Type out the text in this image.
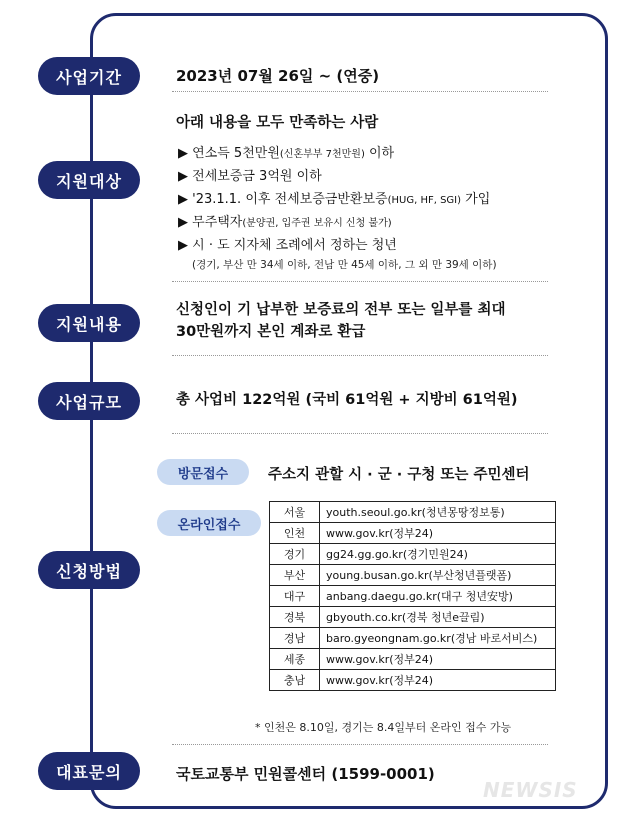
사업기간	2023년 07월 26일 ~ (연중)
지원대상
아래 내용을 모두 만족하는 사람
▶ 연소득 5천만원(신혼부부 7천만원) 이하
▶ 전세보증금 3억원 이하
▶ '23.1.1. 이후 전세보증금반환보증(HUG, HF, SGI) 가입
▶ 무주택자(분양권, 입주권 보유시 신청 불가)
▶ 시 · 도 지자체 조례에서 정하는 청년
(경기, 부산 만 34세 이하, 전남 만 45세 이하, 그 외 만 39세 이하)
지원내용
신청인이 기 납부한 보증료의 전부 또는 일부를 최대
30만원까지 본인 계좌로 환급
사업규모	총 사업비 122억원 (국비 61억원 + 지방비 61억원)
신청방법
방문접수	주소지 관할 시 · 군 · 구청 또는 주민센터
온라인접수
서울	youth.seoul.go.kr(청년몽땅정보통)
인천	www.gov.kr(정부24)
경기	gg24.gg.go.kr(경기민원24)
부산	young.busan.go.kr(부산청년플랫폼)
대구	anbang.daegu.go.kr(대구 청년安방)
경북	gbyouth.co.kr(경북 청년e끌림)
경남	baro.gyeongnam.go.kr(경남 바로서비스)
세종	www.gov.kr(정부24)
충남	www.gov.kr(정부24)
* 인천은 8.10일, 경기는 8.4일부터 온라인 접수 가능
대표문의	국토교통부 민원콜센터 (1599-0001)
NEWSIS
